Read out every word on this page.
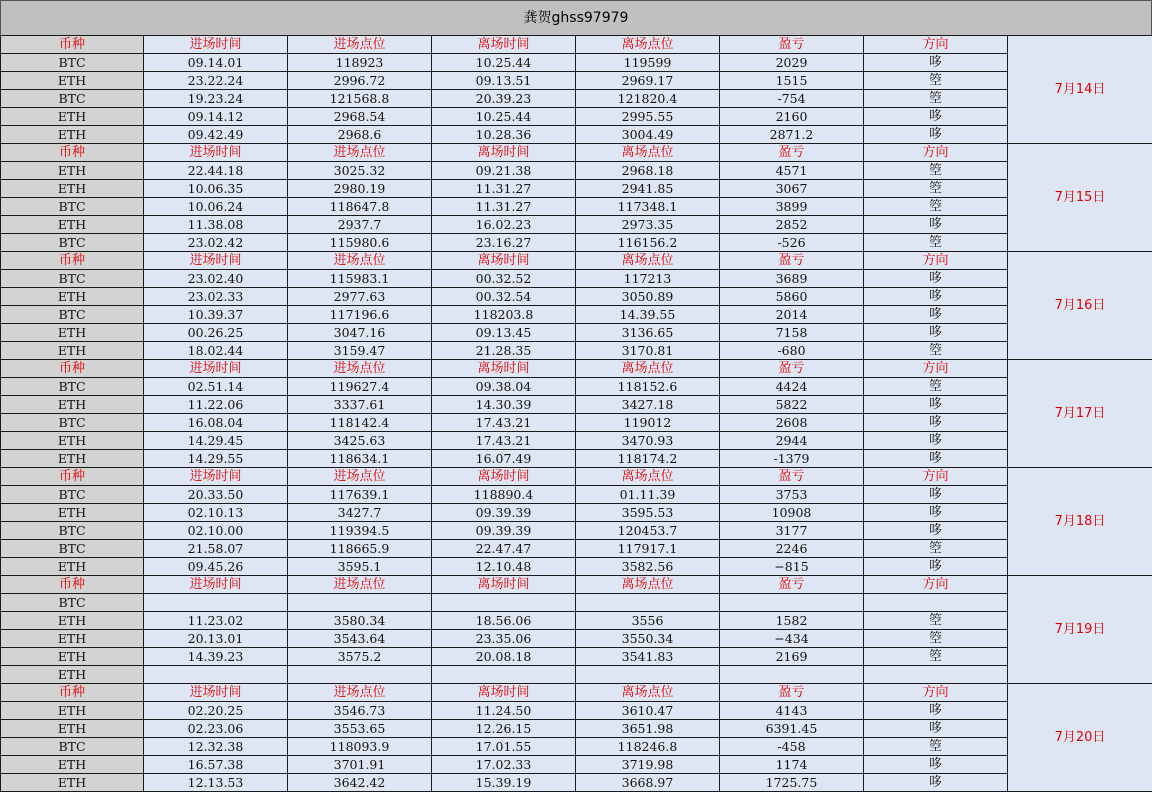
龚贺ghss97979
币种	进场时间	进场点位	离场时间	离场点位	盈亏	方向	7月14日
BTC	09.14.01	118923	10.25.44	119599	2029	哆	
ETH	23.22.24	2996.72	09.13.51	2969.17	1515	箜	
BTC	19.23.24	121568.8	20.39.23	121820.4	-754	箜	
ETH	09.14.12	2968.54	10.25.44	2995.55	2160	哆	
ETH	09.42.49	2968.6	10.28.36	3004.49	2871.2	哆	
币种	进场时间	进场点位	离场时间	离场点位	盈亏	方向	7月15日
ETH	22.44.18	3025.32	09.21.38	2968.18	4571	箜	
ETH	10.06.35	2980.19	11.31.27	2941.85	3067	箜	
BTC	10.06.24	118647.8	11.31.27	117348.1	3899	箜	
ETH	11.38.08	2937.7	16.02.23	2973.35	2852	哆	
BTC	23.02.42	115980.6	23.16.27	116156.2	-526	箜	
币种	进场时间	进场点位	离场时间	离场点位	盈亏	方向	7月16日
BTC	23.02.40	115983.1	00.32.52	117213	3689	哆	
ETH	23.02.33	2977.63	00.32.54	3050.89	5860	哆	
BTC	10.39.37	117196.6	118203.8	14.39.55	2014	哆	
ETH	00.26.25	3047.16	09.13.45	3136.65	7158	哆	
ETH	18.02.44	3159.47	21.28.35	3170.81	-680	箜	
币种	进场时间	进场点位	离场时间	离场点位	盈亏	方向	7月17日
BTC	02.51.14	119627.4	09.38.04	118152.6	4424	箜	
ETH	11.22.06	3337.61	14.30.39	3427.18	5822	哆	
BTC	16.08.04	118142.4	17.43.21	119012	2608	哆	
ETH	14.29.45	3425.63	17.43.21	3470.93	2944	哆	
ETH	14.29.55	118634.1	16.07.49	118174.2	-1379	哆	
币种	进场时间	进场点位	离场时间	离场点位	盈亏	方向	7月18日
BTC	20.33.50	117639.1	118890.4	01.11.39	3753	哆	
ETH	02.10.13	3427.7	09.39.39	3595.53	10908	哆	
BTC	02.10.00	119394.5	09.39.39	120453.7	3177	哆	
BTC	21.58.07	118665.9	22.47.47	117917.1	2246	箜	
ETH	09.45.26	3595.1	12.10.48	3582.56	−815	哆	
币种	进场时间	进场点位	离场时间	离场点位	盈亏	方向	7月19日
BTC							
ETH	11.23.02	3580.34	18.56.06	3556	1582	箜	
ETH	20.13.01	3543.64	23.35.06	3550.34	−434	箜	
ETH	14.39.23	3575.2	20.08.18	3541.83	2169	箜	
ETH							
币种	进场时间	进场点位	离场时间	离场点位	盈亏	方向	7月20日
ETH	02.20.25	3546.73	11.24.50	3610.47	4143	哆	
ETH	02.23.06	3553.65	12.26.15	3651.98	6391.45	哆	
BTC	12.32.38	118093.9	17.01.55	118246.8	-458	箜	
ETH	16.57.38	3701.91	17.02.33	3719.98	1174	哆	
ETH	12.13.53	3642.42	15.39.19	3668.97	1725.75	哆	
